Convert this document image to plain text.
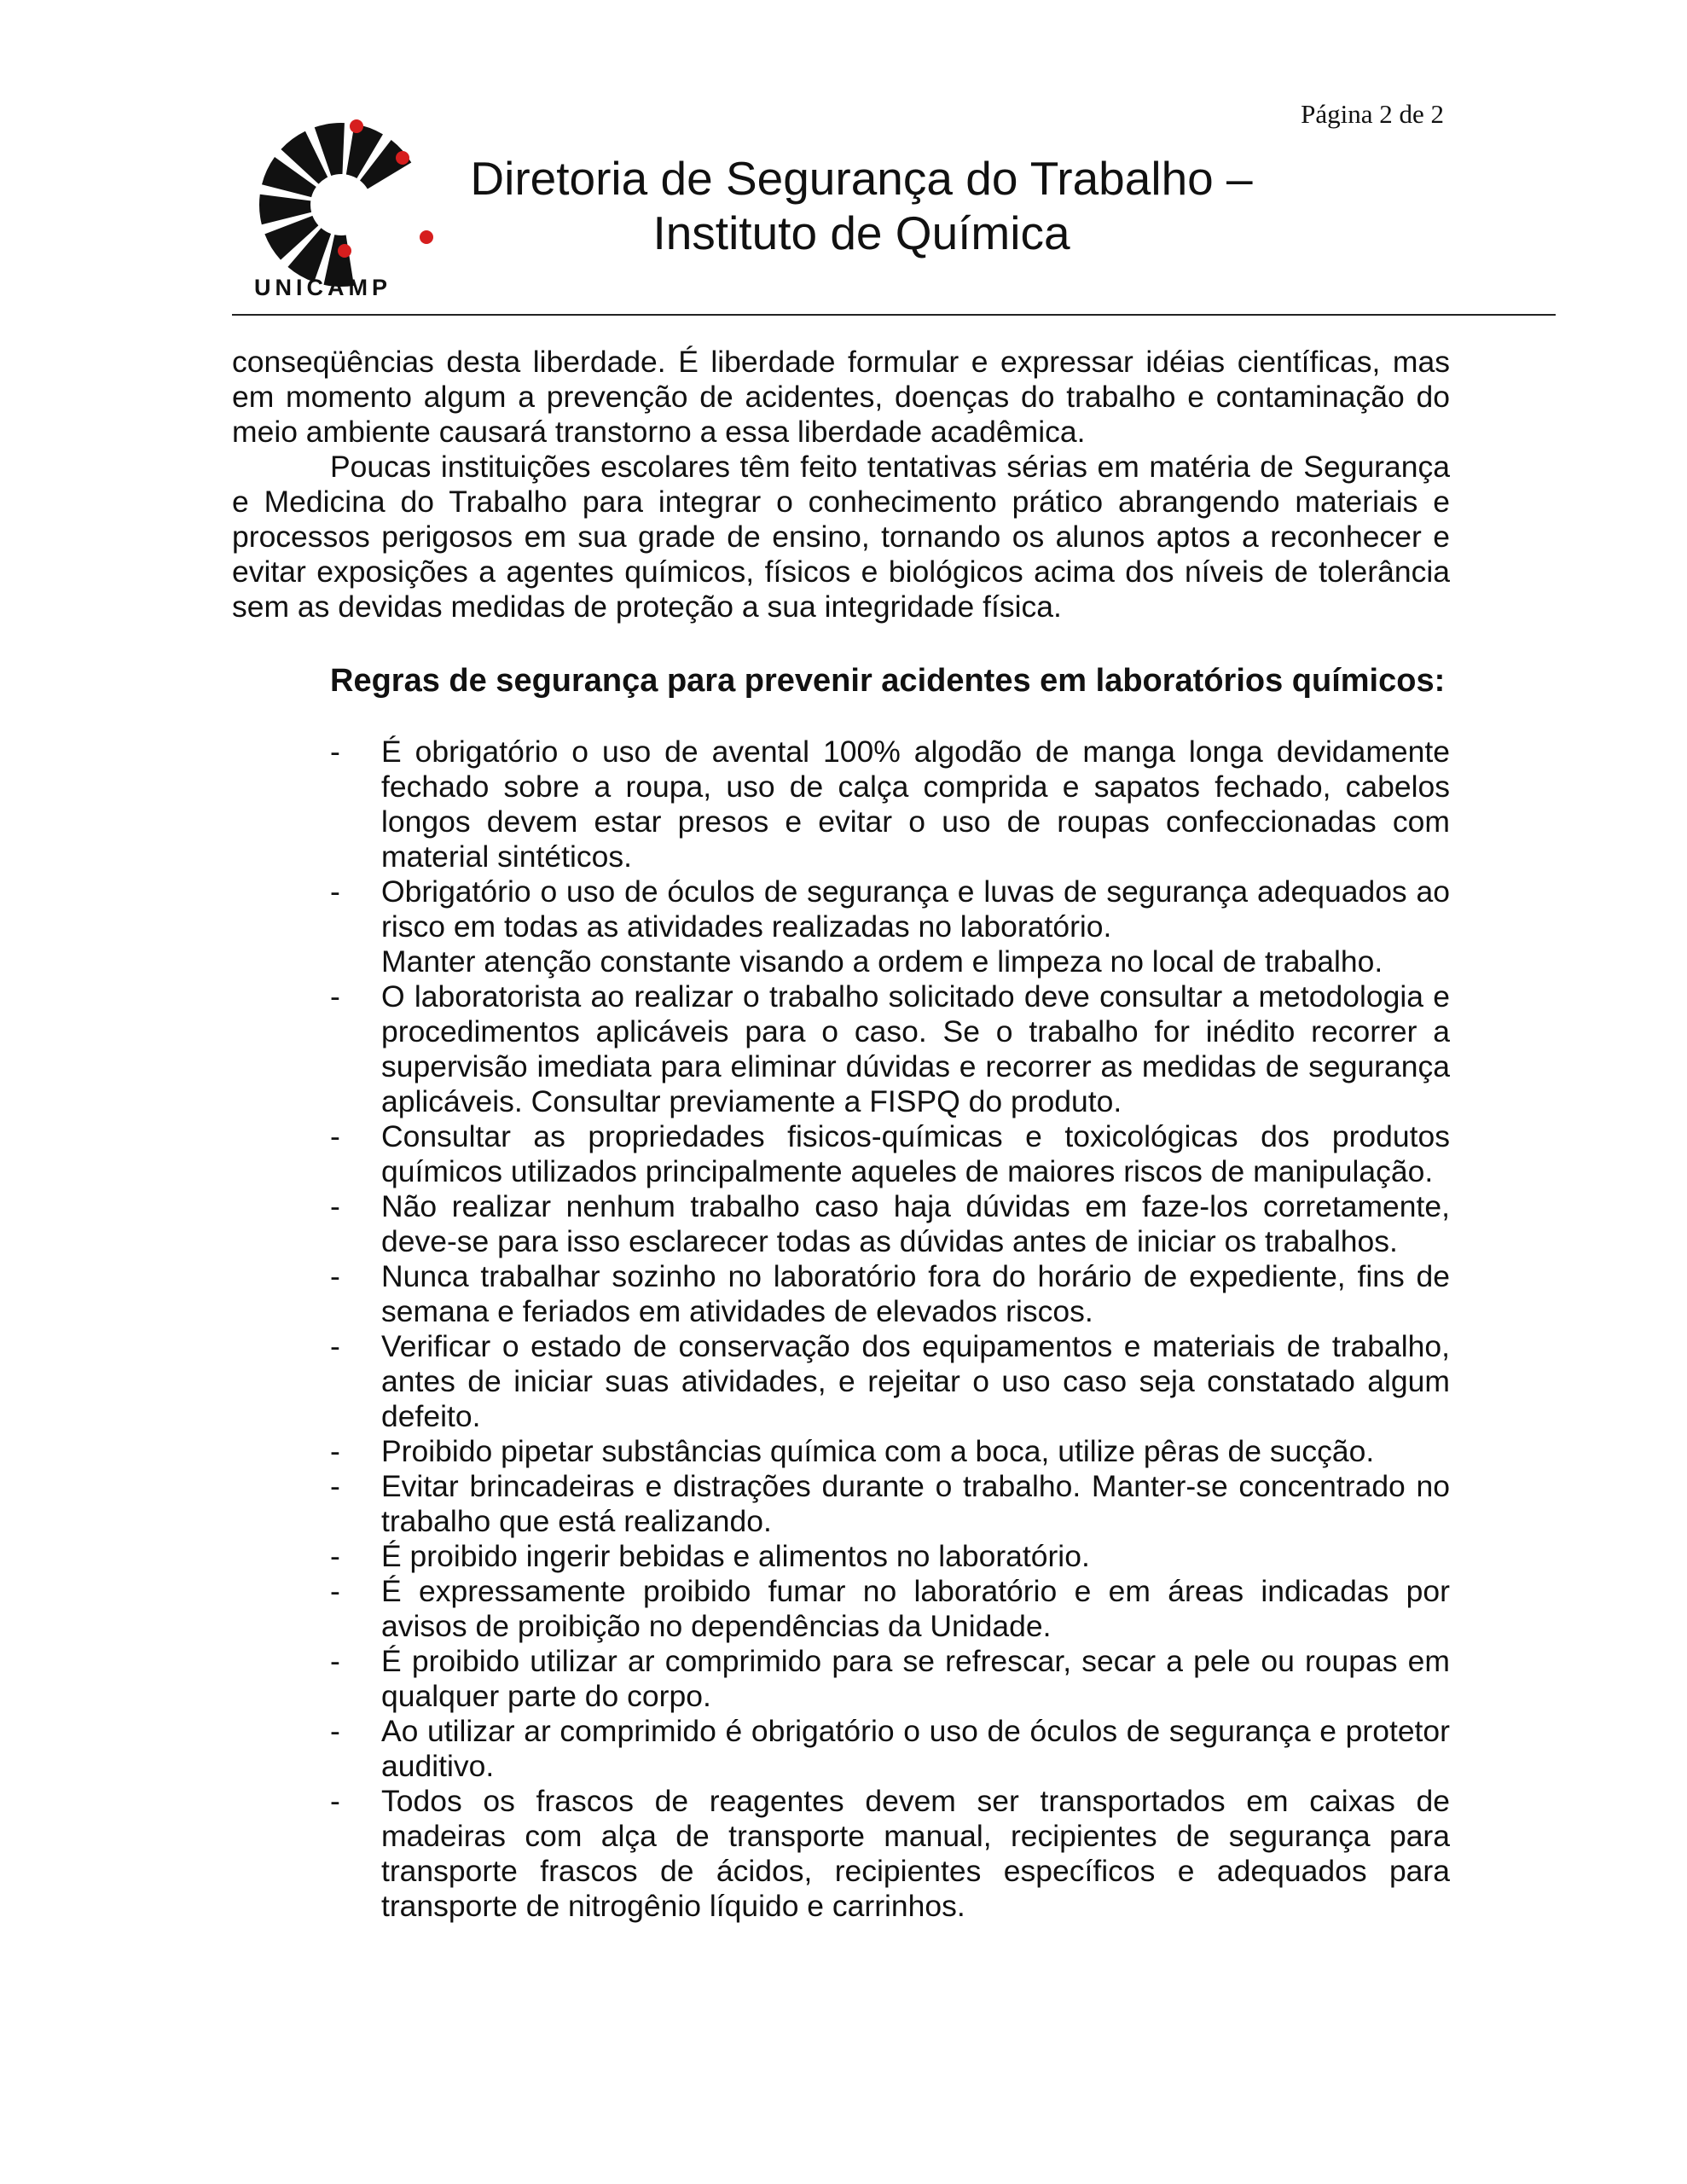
Página 2 de 2
UNICAMP
Diretoria de Segurança do Trabalho –
Instituto de Química

conseqüências desta liberdade. É liberdade formular e expressar idéias científicas, mas em momento algum a prevenção de acidentes, doenças do trabalho e contaminação do meio ambiente causará transtorno a essa liberdade acadêmica.

Poucas instituições escolares têm feito tentativas sérias em matéria de Segurança e Medicina do Trabalho para integrar o conhecimento prático abrangendo materiais e processos perigosos em sua grade de ensino, tornando os alunos aptos a reconhecer e evitar exposições a agentes químicos, físicos e biológicos acima dos níveis de tolerância sem as devidas medidas de proteção a sua integridade física.

Regras de segurança para prevenir acidentes em laboratórios químicos:
- É obrigatório o uso de avental 100% algodão de manga longa devidamente fechado sobre a roupa, uso de calça comprida e sapatos fechado, cabelos longos devem estar presos e evitar o uso de roupas confeccionadas com material sintéticos.
- Obrigatório o uso de óculos de segurança e luvas de segurança adequados ao risco em todas as atividades realizadas no laboratório.
Manter atenção constante visando a ordem e limpeza no local de trabalho.
- O laboratorista ao realizar o trabalho solicitado deve consultar a metodologia e procedimentos aplicáveis para o caso. Se o trabalho for inédito recorrer a supervisão imediata para eliminar dúvidas e recorrer as medidas de segurança aplicáveis. Consultar previamente a FISPQ do produto.
- Consultar as propriedades fisicos-químicas e toxicológicas dos produtos químicos utilizados principalmente aqueles de maiores riscos de manipulação.
- Não realizar nenhum trabalho caso haja dúvidas em faze-los corretamente, deve-se para isso esclarecer todas as dúvidas antes de iniciar os trabalhos.
- Nunca trabalhar sozinho no laboratório fora do horário de expediente, fins de semana e feriados em atividades de elevados riscos.
- Verificar o estado de conservação dos equipamentos e materiais de trabalho, antes de iniciar suas atividades, e rejeitar o uso caso seja constatado algum defeito.
- Proibido pipetar substâncias química com a boca, utilize pêras de sucção.
- Evitar brincadeiras e distrações durante o trabalho. Manter-se concentrado no trabalho que está realizando.
- É proibido ingerir bebidas e alimentos no laboratório.
- É expressamente proibido fumar no laboratório e em áreas indicadas por avisos de proibição no dependências da Unidade.
- É proibido utilizar ar comprimido para se refrescar, secar a pele ou roupas em qualquer parte do corpo.
- Ao utilizar ar comprimido é obrigatório o uso de óculos de segurança e protetor auditivo.
- Todos os frascos de reagentes devem ser transportados em caixas de madeiras com alça de transporte manual, recipientes de segurança para transporte frascos de ácidos, recipientes específicos e adequados para transporte de nitrogênio líquido e carrinhos.
